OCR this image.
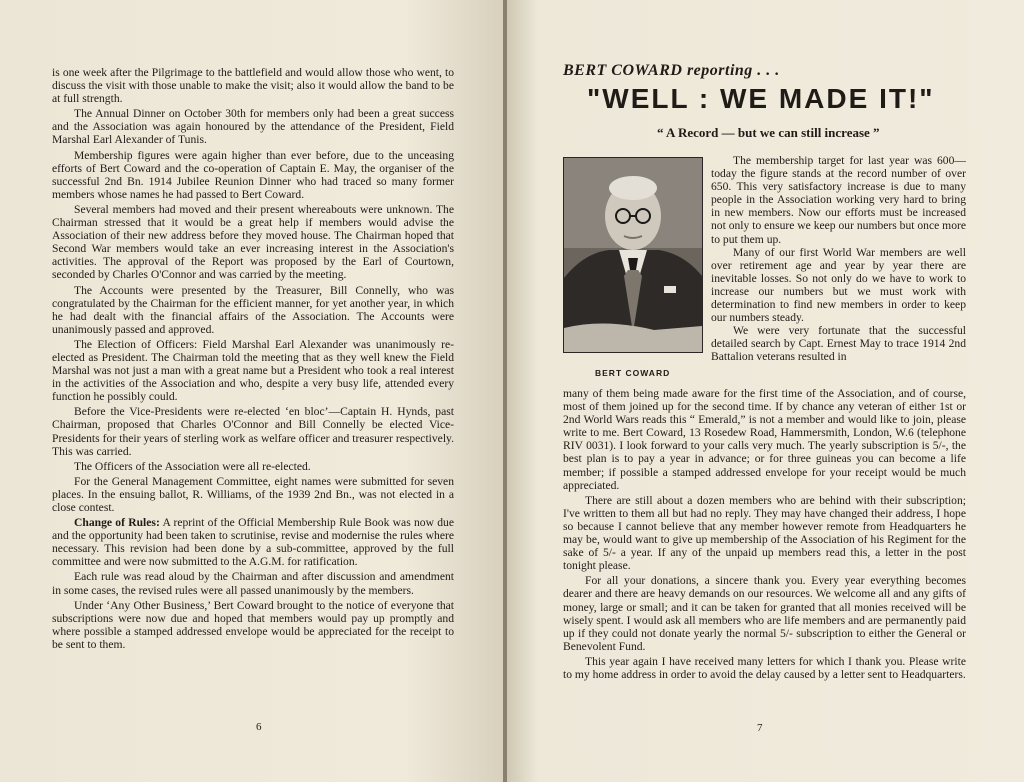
is one week after the Pilgrimage to the battlefield and would allow those who went, to discuss the visit with those unable to make the visit; also it would allow the band to be at full strength.

The Annual Dinner on October 30th for members only had been a great success and the Association was again honoured by the attendance of the President, Field Marshal Earl Alexander of Tunis.

Membership figures were again higher than ever before, due to the unceasing efforts of Bert Coward and the co-operation of Captain E. May, the organiser of the successful 2nd Bn. 1914 Jubilee Reunion Dinner who had traced so many former members whose names he had passed to Bert Coward.

Several members had moved and their present whereabouts were unknown. The Chairman stressed that it would be a great help if members would advise the Association of their new address before they moved house. The Chairman hoped that Second War members would take an ever increasing interest in the Association's activities. The approval of the Report was proposed by the Earl of Courtown, seconded by Charles O'Connor and was carried by the meeting.

The Accounts were presented by the Treasurer, Bill Connelly, who was congratulated by the Chairman for the efficient manner, for yet another year, in which he had dealt with the financial affairs of the Association. The Accounts were unanimously passed and approved.

The Election of Officers: Field Marshal Earl Alexander was unanimously re-elected as President. The Chairman told the meeting that as they well knew the Field Marshal was not just a man with a great name but a President who took a real interest in the activities of the Association and who, despite a very busy life, attended every function he possibly could.

Before the Vice-Presidents were re-elected ‘en bloc’—Captain H. Hynds, past Chairman, proposed that Charles O'Connor and Bill Connelly be elected Vice-Presidents for their years of sterling work as welfare officer and treasurer respectively. This was carried.

The Officers of the Association were all re-elected.

For the General Management Committee, eight names were submitted for seven places. In the ensuing ballot, R. Williams, of the 1939 2nd Bn., was not elected in a close contest.

Change of Rules: A reprint of the Official Membership Rule Book was now due and the opportunity had been taken to scrutinise, revise and modernise the rules where necessary. This revision had been done by a sub-committee, approved by the full committee and were now submitted to the A.G.M. for ratification.

Each rule was read aloud by the Chairman and after discussion and amendment in some cases, the revised rules were all passed unanimously by the members.

Under ‘Any Other Business,’ Bert Coward brought to the notice of everyone that subscriptions were now due and hoped that members would pay up promptly and where possible a stamped addressed envelope would be appreciated for the receipt to be sent to them.

6
BERT COWARD reporting . . .
"WELL : WE MADE IT!"
“ A Record — but we can still increase ”
BERT COWARD

The membership target for last year was 600—today the figure stands at the record number of over 650. This very satisfactory increase is due to many people in the Association working very hard to bring in new members. Now our efforts must be increased not only to ensure we keep our numbers but once more to put them up.

Many of our first World War members are well over retirement age and year by year there are inevitable losses. So not only do we have to work to increase our numbers but we must work with determination to find new members in order to keep our numbers steady.

We were very fortunate that the successful detailed search by Capt. Ernest May to trace 1914 2nd Battalion veterans resulted in

many of them being made aware for the first time of the Association, and of course, most of them joined up for the second time. If by chance any veteran of either 1st or 2nd World Wars reads this “ Emerald,” is not a member and would like to join, please write to me. Bert Coward, 13 Rosedew Road, Hammersmith, London, W.6 (telephone RIV 0031). I look forward to your calls very much. The yearly subscription is 5/-, the best plan is to pay a year in advance; or for three guineas you can become a life member; if possible a stamped addressed envelope for your receipt would be much appreciated.

There are still about a dozen members who are behind with their subscription; I've written to them all but had no reply. They may have changed their address, I hope so because I cannot believe that any member however remote from Headquarters he may be, would want to give up membership of the Association of his Regiment for the sake of 5/- a year. If any of the unpaid up members read this, a letter in the post tonight please.

For all your donations, a sincere thank you. Every year everything becomes dearer and there are heavy demands on our resources. We welcome all and any gifts of money, large or small; and it can be taken for granted that all monies received will be wisely spent. I would ask all members who are life members and are permanently paid up if they could not donate yearly the normal 5/- subscription to either the General or Benevolent Fund.

This year again I have received many letters for which I thank you. Please write to my home address in order to avoid the delay caused by a letter sent to Headquarters.

7
